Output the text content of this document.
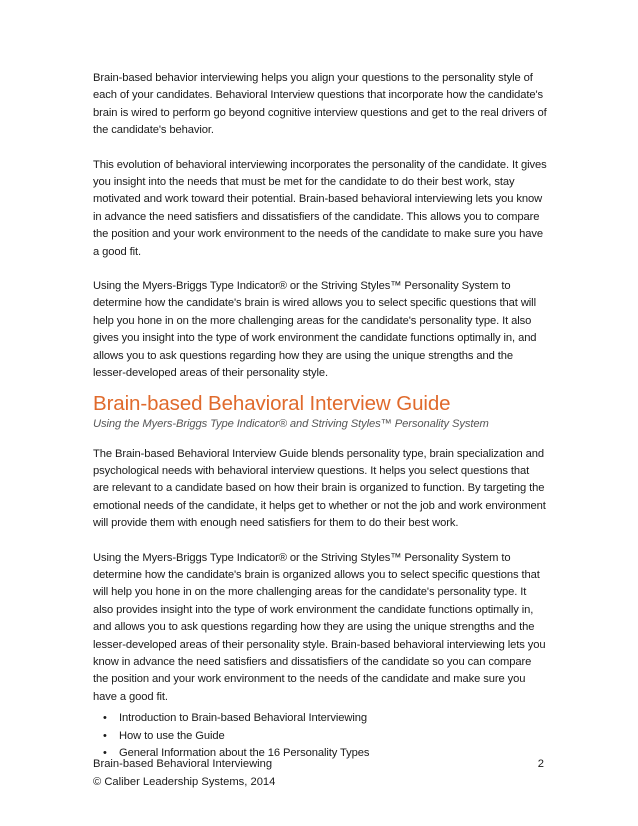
Brain-based behavior interviewing helps you align your questions to the personality style of each of your candidates. Behavioral Interview questions that incorporate how the candidate's brain is wired to perform go beyond cognitive interview questions and get to the real drivers of the candidate's behavior.

This evolution of behavioral interviewing incorporates the personality of the candidate. It gives you insight into the needs that must be met for the candidate to do their best work, stay motivated and work toward their potential. Brain-based behavioral interviewing lets you know in advance the need satisfiers and dissatisfiers of the candidate. This allows you to compare the position and your work environment to the needs of the candidate to make sure you have a good fit.

Using the Myers-Briggs Type Indicator® or the Striving Styles™ Personality System to determine how the candidate's brain is wired allows you to select specific questions that will help you hone in on the more challenging areas for the candidate's personality type. It also gives you insight into the type of work environment the candidate functions optimally in, and allows you to ask questions regarding how they are using the unique strengths and the lesser-developed areas of their personality style.

Brain-based Behavioral Interview Guide
Using the Myers-Briggs Type Indicator® and Striving Styles™ Personality System

The Brain-based Behavioral Interview Guide blends personality type, brain specialization and psychological needs with behavioral interview questions. It helps you select questions that are relevant to a candidate based on how their brain is organized to function. By targeting the emotional needs of the candidate, it helps get to whether or not the job and work environment will provide them with enough need satisfiers for them to do their best work.

Using the Myers-Briggs Type Indicator® or the Striving Styles™ Personality System to determine how the candidate's brain is organized allows you to select specific questions that will help you hone in on the more challenging areas for the candidate's personality type. It also provides insight into the type of work environment the candidate functions optimally in, and allows you to ask questions regarding how they are using the unique strengths and the lesser-developed areas of their personality style. Brain-based behavioral interviewing lets you know in advance the need satisfiers and dissatisfiers of the candidate so you can compare the position and your work environment to the needs of the candidate and make sure you have a good fit.

• Introduction to Brain-based Behavioral Interviewing
• How to use the Guide
• General Information about the 16 Personality Types
Brain-based Behavioral Interviewing
© Caliber Leadership Systems, 2014
2
